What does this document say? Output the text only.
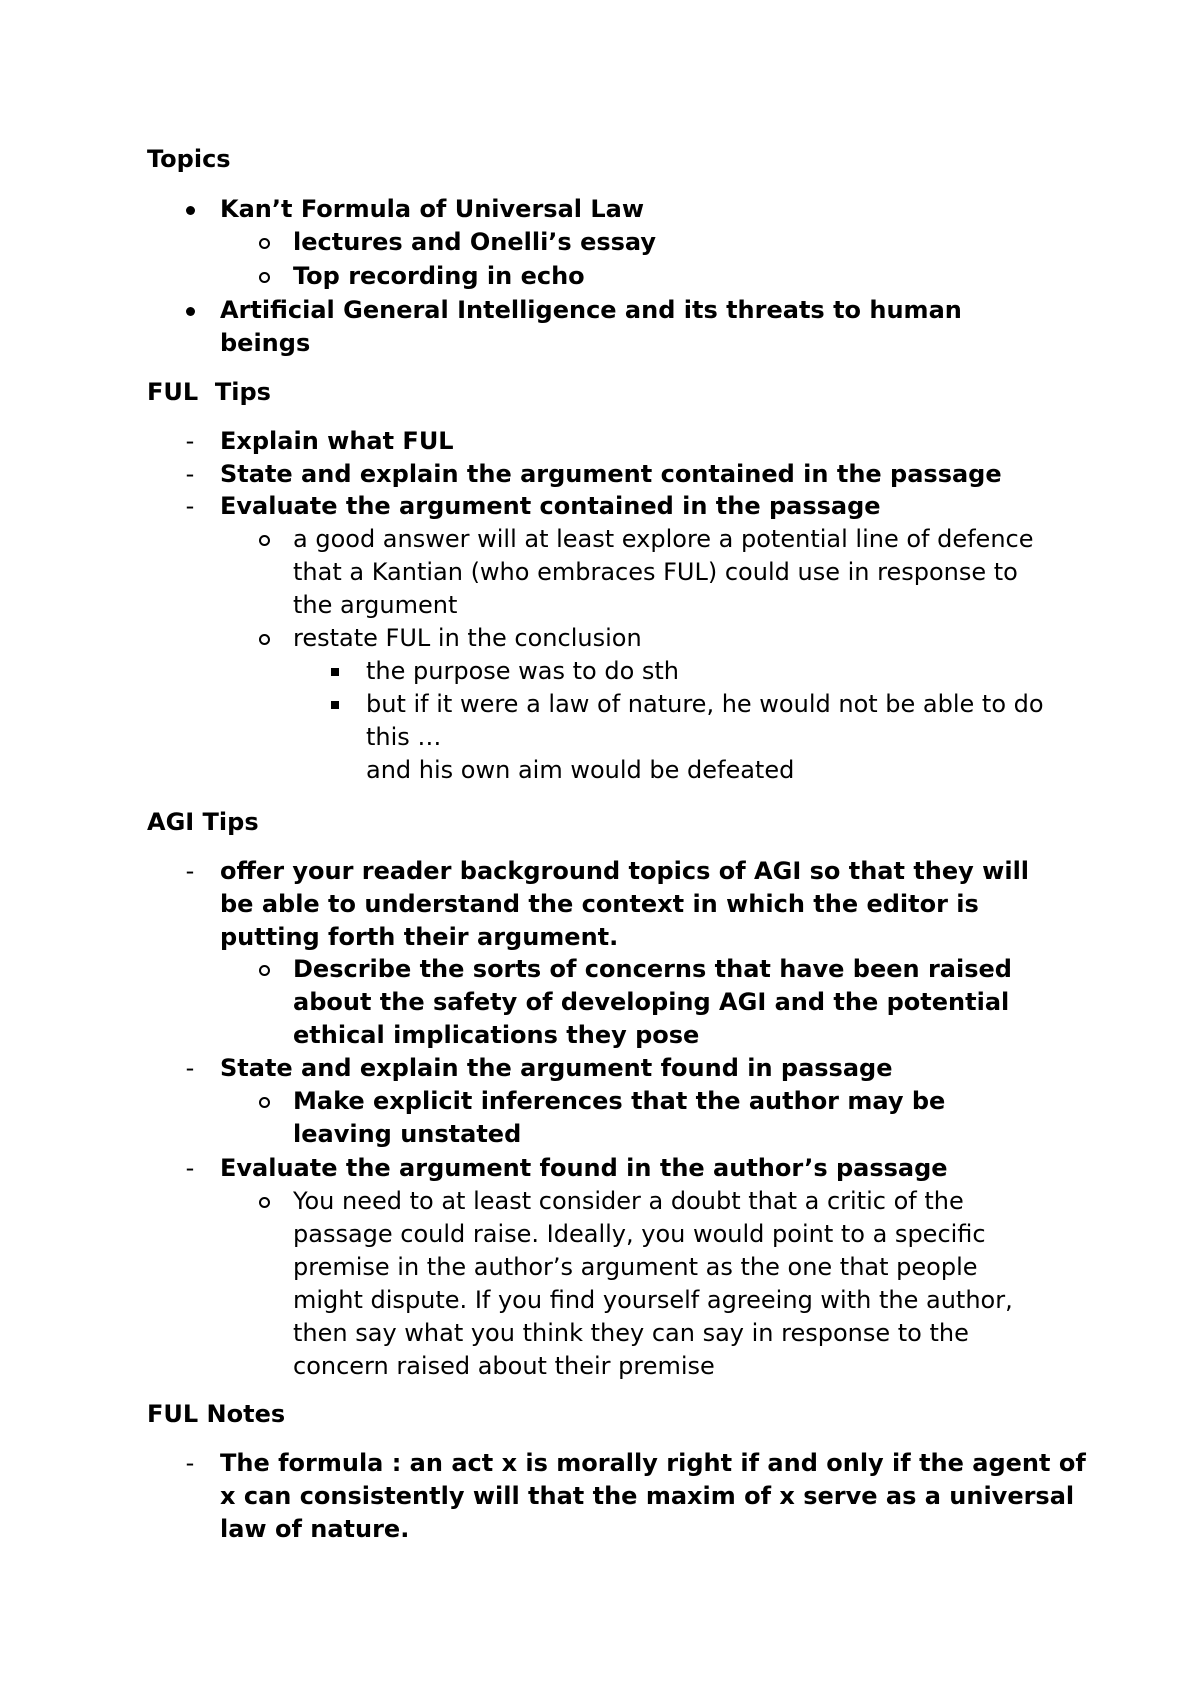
Topics
Kan’t Formula of Universal Law
lectures and Onelli’s essay
Top recording in echo
Artificial General Intelligence and its threats to human beings
FUL  Tips
-	Explain what FUL
-	State and explain the argument contained in the passage
-	Evaluate the argument contained in the passage
a good answer will at least explore a potential line of defence that a Kantian (who embraces FUL) could use in response to the argument
restate FUL in the conclusion
the purpose was to do sth
but if it were a law of nature, he would not be able to do this …
and his own aim would be defeated
AGI Tips
-	offer your reader background topics of AGI so that they will be able to understand the context in which the editor is putting forth their argument.
Describe the sorts of concerns that have been raised about the safety of developing AGI and the potential ethical implications they pose
-	State and explain the argument found in passage
Make explicit inferences that the author may be leaving unstated
-	Evaluate the argument found in the author’s passage
You need to at least consider a doubt that a critic of the passage could raise. Ideally, you would point to a specific premise in the author’s argument as the one that people might dispute. If you find yourself agreeing with the author, then say what you think they can say in response to the concern raised about their premise
FUL Notes
-	The formula : an act x is morally right if and only if the agent of x can consistently will that the maxim of x serve as a universal law of nature.
